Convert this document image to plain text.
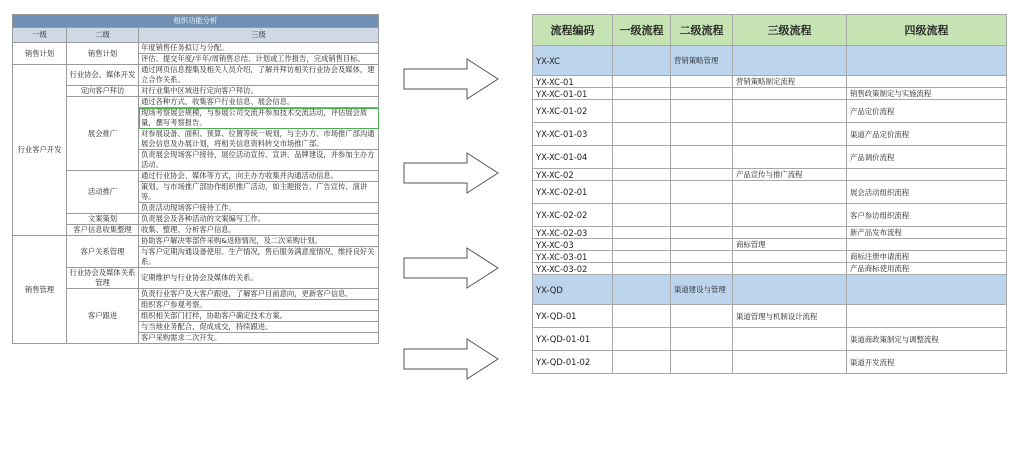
组织功能分析		
一级	二级	三级
销售计划	销售计划	年度销售任务拟订与分配。
		评估、提交年度/半年/周销售总结、计划或工作报告，完成销售目标。
行业客户开发	行业协会、媒体开发	通过网页信息搜集及相关人员介绍，了解并拜访相关行业协会及媒体，建立合作关系。
	定向客户拜访	对行业集中区域进行定向客户拜访。
	展会推广	通过各种方式，收集客户行业信息、展会信息。
		现场考察展会规模，与参展公司交流并参加技术交流活动，评估展会质量，撰写考察报告。
		对参展设备、面积、预算、位置等统一规划，与主办方、市场推广部沟通展会信息及办展计划，将相关信息资料转交市场推广部。
		负责展会现场客户接待，展位活动宣传、宣讲、品牌建设，并参加主办方活动。
	活动推广	通过行业协会、媒体等方式，向主办方收集并沟通活动信息。
		策划、与市场推广部协作组织推广活动，如主题报告、广告宣传、演讲等。
		负责活动现场客户接待工作。
	文案策划	负责展会及各种活动的文案编写工作。
	客户信息收集整理	收集、整理、分析客户信息。
销售管理	客户关系管理	协助客户解决零部件采购&返修情况，及二次采购计划。
		与客户定期沟通设备使用、生产情况，售后服务满意度情况，维持良好关系。
	行业协会及媒体关系管理	定期维护与行业协会及媒体的关系。
	客户跟进	负责行业客户及大客户跟进，了解客户目前意向，更新客户信息。
		组织客户参观考察。
		组织相关部门打样，协助客户确定技术方案。
		与当地业务配合，促成成交，持续跟进。
		客户采购需求二次开发。
流程编码	一级流程	二级流程	三级流程	四级流程
YX-XC		营销策略管理		
YX-XC-01			营销策略制定流程	
YX-XC-01-01				销售政策制定与实施流程
YX-XC-01-02				产品定价流程
YX-XC-01-03				渠道产品定价流程
YX-XC-01-04				产品调价流程
YX-XC-02			产品宣传与推广流程	
YX-XC-02-01				展会活动组织流程
YX-XC-02-02				客户参访组织流程
YX-XC-02-03				新产品发布流程
YX-XC-03			商标管理	
YX-XC-03-01				商标注册申请流程
YX-XC-03-02				产品商标使用流程
YX-QD		渠道建设与管理		
YX-QD-01			渠道管理与机制设计流程	
YX-QD-01-01				渠道商政策制定与调整流程
YX-QD-01-02				渠道开发流程
